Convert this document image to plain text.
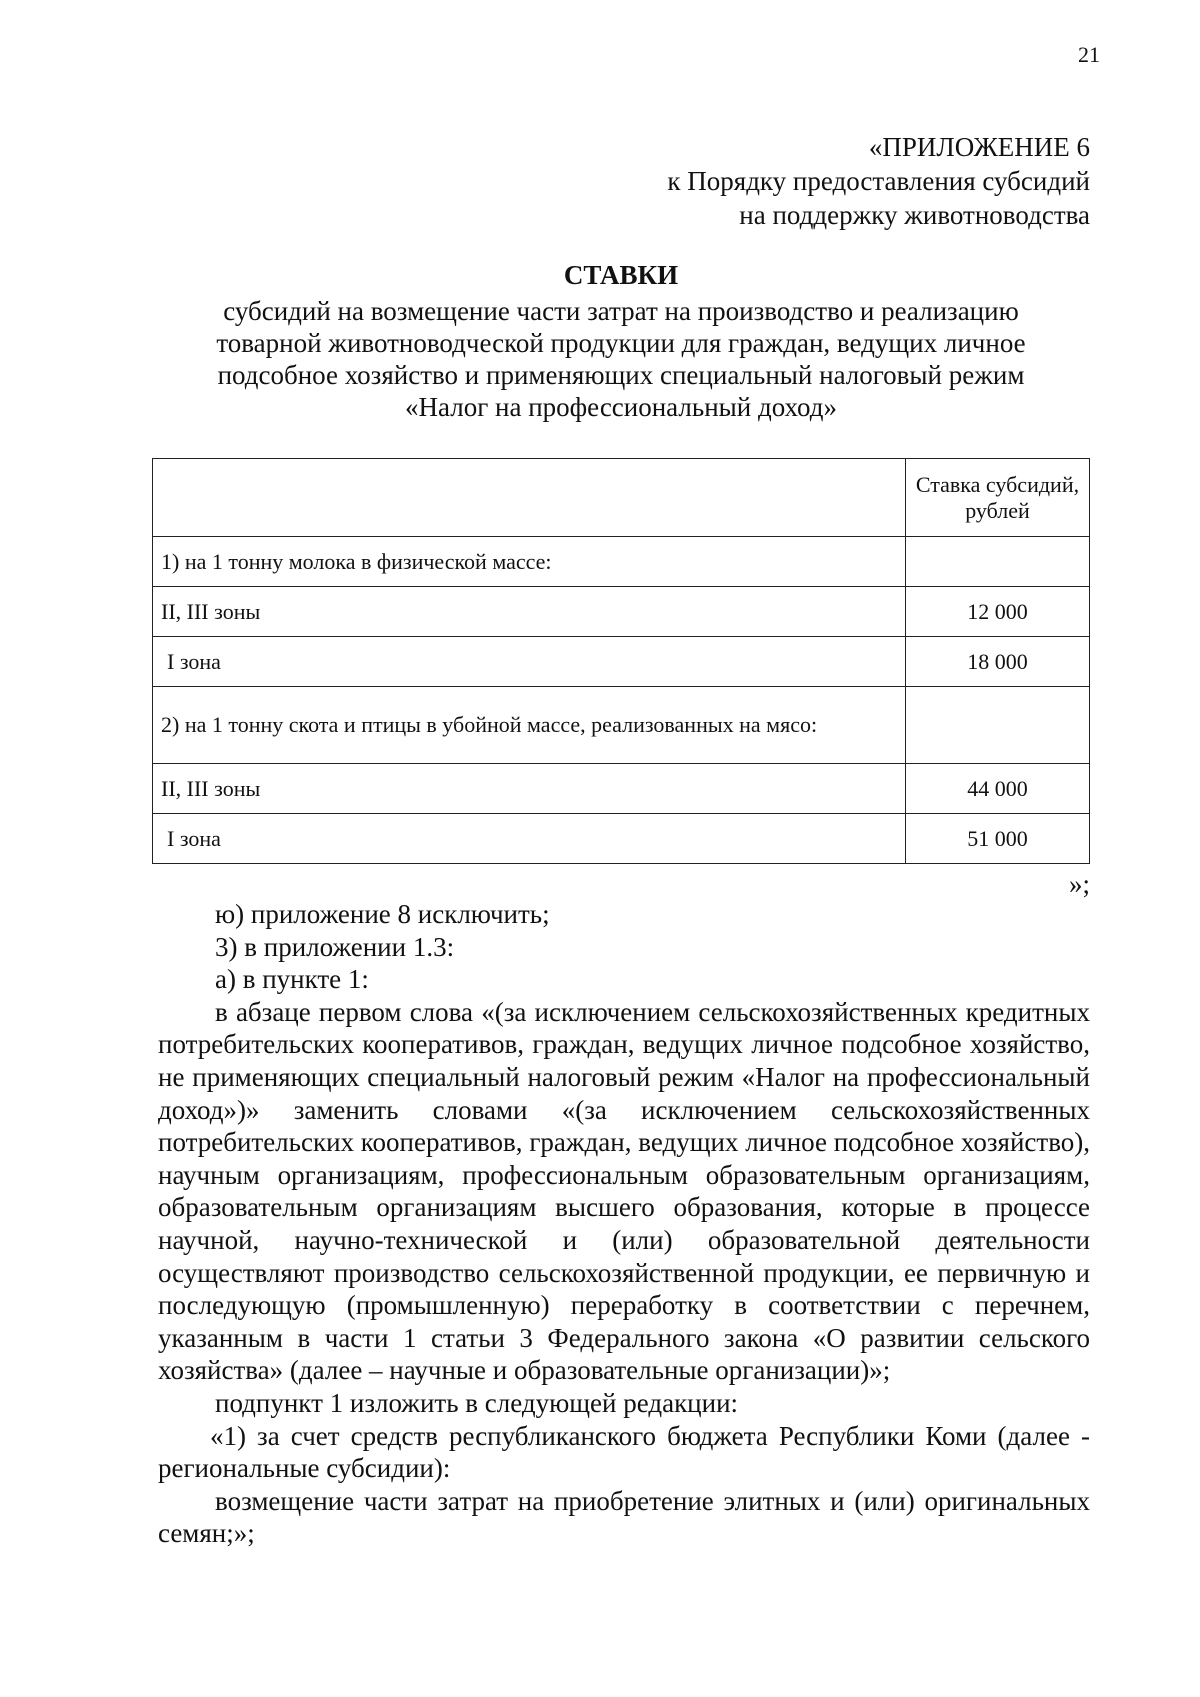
21
«ПРИЛОЖЕНИЕ 6
к Порядку предоставления субсидий
на поддержку животноводства
СТАВКИ
субсидий на возмещение части затрат на производство и реализацию
товарной животноводческой продукции для граждан, ведущих личное
подсобное хозяйство и применяющих специальный налоговый режим
«Налог на профессиональный доход»

	Ставка субсидий,
рублей

1) на 1 тонну молока в физической массе:	
II, III зоны	12 000
I зона	18 000
2) на 1 тонну скота и птицы в убойной массе, реализованных на мясо:	
II, III зоны	44 000
I зона	51 000
»;

ю) приложение 8 исключить;

3) в приложении 1.3:

а) в пункте 1:

в абзаце первом слова «(за исключением сельскохозяйственных кредитных потребительских кооперативов, граждан, ведущих личное подсобное хозяйство, не применяющих специальный налоговый режим «Налог на профессиональный доход»)» заменить словами «(за исключением сельскохозяйственных потребительских кооперативов, граждан, ведущих личное подсобное хозяйство), научным организациям, профессиональным образовательным организациям, образовательным организациям высшего образования, которые в процессе научной, научно-технической и (или) образовательной деятельности осуществляют производство сельскохозяйственной продукции, ее первичную и последующую (промышленную) переработку в соответствии с перечнем, указанным в части 1 статьи 3 Федерального закона «О развитии сельского хозяйства» (далее – научные и образовательные организации)»;

подпункт 1 изложить в следующей редакции:

«1) за счет средств республиканского бюджета Республики Коми (далее - региональные субсидии):

возмещение части затрат на приобретение элитных и (или) оригинальных семян;»;
